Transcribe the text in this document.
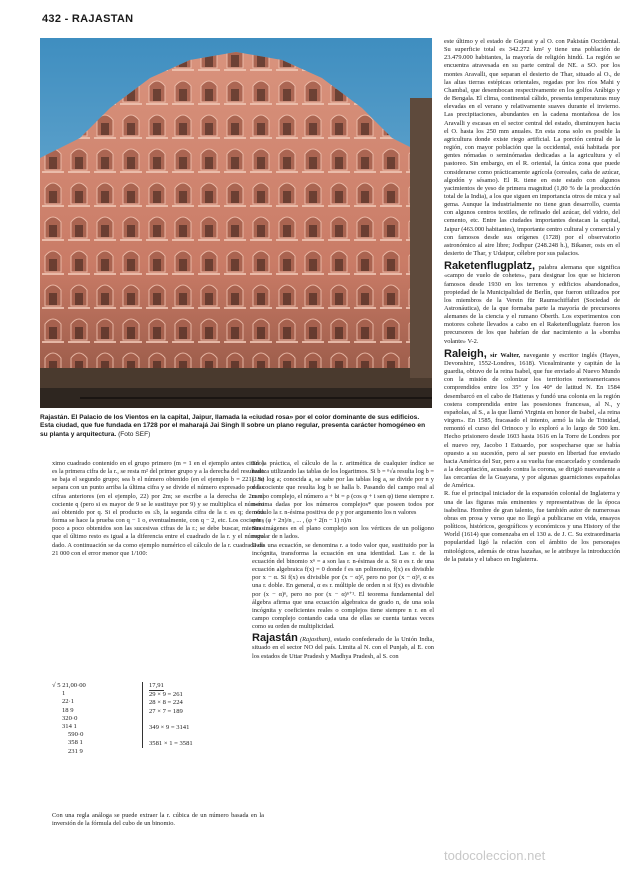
432 - RAJASTAN
Rajastán. El Palacio de los Vientos en la capital, Jaipur, llamada la «ciudad rosa» por el color dominante de sus edificios. Esta ciudad, que fue fundada en 1728 por el maharajá Jai Singh II sobre un plano regular, presenta carácter homogéneo en su planta y arquitectura. (Foto SEF)

ximo cuadrado contenido en el grupo primero (m = 1 en el ejemplo antes citado) es la primera cifra de la r., se resta m² del primer grupo y a la derecha del resultado se baja el segundo grupo; sea b el número obtenido (en el ejemplo b = 221). Se separa con un punto arriba la última cifra y se divide el número expresado por las cifras anteriores (en el ejemplo, 22) por 2m; se escribe a la derecha de 2m el cociente q (pero si es mayor de 9 se le sustituye por 9) y se multiplica el número así obtenido por q. Si el producto es ≤b, la segunda cifra de la r. es q; de otra forma se hace la prueba con q − 1 o, eventualmente, con q − 2, etc. Los cocientes poco a poco obtenidos son las sucesivas cifras de la r.; se debe buscar, mientras que el último resto es igual a la diferencia entre el cuadrado de la r. y el número dado. A continuación se da como ejemplo numérico el cálculo de la r. cuadrada de 21 000 con el error menor que 1/100:

√ 5 21,00·00
1
22·1
18 9
320·0
314 1
590·0
358 1
231 9
17,91
29 × 9 = 261
28 × 8 = 224
27 × 7 = 189
349 × 9 = 3141
3581 × 1 = 3581

Con una regla análoga se puede extraer la r. cúbica de un número basada en la inversión de la fórmula del cubo de un binomio.

En la práctica, el cálculo de la r. aritmética de cualquier índice se realiza utilizando las tablas de los logaritmos. Si b = ⁿ√a resulta log b = (1/n) log a; conocida a, se sabe por las tablas log a, se divide por n y del cociente que resulta log b se halla b. Pasando del campo real al campo complejo, el número a + bi = ρ (cos φ + i sen φ) tiene siempre r. n-ésima dadas por los números complejos* que poseen todos por módulo la r. n-ésima positiva de ρ y por argumento los n valores

φ/n , (φ + 2π)/n , ... , (φ + 2(n − 1) π)/n

Sus imágenes en el plano complejo son los vértices de un polígono regular de n lados.

Dada una ecuación, se denomina r. a todo valor que, sustituido por la incógnita, transforma la ecuación en una identidad. Las r. de la ecuación del binomio xⁿ = a son las r. n-ésimas de a. Si α es r. de una ecuación algebraica f(x) = 0 donde f es un polinomio, f(x) es divisible por x − α. Si f(x) es divisible por (x − α)², pero no por (x − α)³, α es una r. doble. En general, α es r. múltiple de orden n si f(x) es divisible por (x − α)ⁿ, pero no por (x − α)ⁿ⁺¹. El teorema fundamental del álgebra afirma que una ecuación algebraica de grado n, de una sola incógnita y coeficientes reales o complejos tiene siempre n r. en el campo complejo contando cada una de ellas se cuenta tantas veces como su orden de multiplicidad.

Rajastán (Rajasthan), estado confederado de la Unión India, situado en el sector NO del país. Limita al N. con el Punjab, al E. con los estados de Uttar Pradesh y Madhya Pradesh, al S. con

este último y el estado de Gujarat y al O. con Pakistán Occidental. Su superficie total es 342.272 km² y tiene una población de 23.479.000 habitantes, la mayoría de religión hindú. La región se encuentra atravesada en su parte central de NE. a SO. por los montes Aravalli, que separan el desierto de Thar, situado al O., de las altas tierras estépicas orientales, regadas por los ríos Mahi y Chambal, que desembocan respectivamente en los golfos Arábigo y de Bengala. El clima, continental cálido, presenta temperaturas muy elevadas en el verano y relativamente suaves durante el invierno. Las precipitaciones, abundantes en la cadena montañosa de los Aravalli y escasas en el sector central del estado, disminuyen hacia el O. hasta los 250 mm anuales. En esta zona solo es posible la agricultura donde existe riego artificial. La porción central de la región, con mayor población que la occidental, está habitada por gentes nómadas o seminómadas dedicadas a la agricultura y el pastoreo. Sin embargo, en el R. oriental, la única zona que puede considerarse como prácticamente agrícola (cereales, caña de azúcar, algodón y sésamo). El R. tiene en este estado con algunos yacimientos de yeso de primera magnitud (1,80 % de la producción total de la India), a los que siguen en importancia otros de mica y sal gema. Aunque la industrialmente no tiene gran desarrollo, cuenta con algunos centros textiles, de refinado del azúcar, del vidrio, del cemento, etc. Entre las ciudades importantes destacan la capital, Jaipur (463.000 habitantes), importante centro cultural y comercial y con famosos desde sus orígenes (1728) por el observatorio astronómico al aire libre; Jodhpur (248.248 h.), Bikaner, osis en el desierto de Thar, y Udaipur, célebre por sus palacios.

Raketenflugplatz, palabra alemana que significa «campo de vuelo de cohetes», para designar los que se hicieron famosos desde 1930 en los terrenos y edificios abandonados, propiedad de la Municipalidad de Berlín, que fueron utilizados por los miembros de la Verein für Raumschiffahrt (Sociedad de Astronáutica), de la que formaba parte la mayoría de precursores alemanes de la ciencia y el rumano Oberth. Los experimentos con motores cohete llevados a cabo en el Raketenflugplatz fueron los precursores de los que habrían de dar nacimiento a la «bomba volante» V-2.

Raleigh, sir Walter, navegante y escritor inglés (Hayes, Devonshire, 1552-Londres, 1618). Vicealmirante y capitán de la guardia, obtuvo de la reina Isabel, que fue enviado al Nuevo Mundo con la misión de colonizar los territorios norteamericanos comprendidos entre los 35° y los 40° de latitud N. En 1584 desembarcó en el cabo de Hatteras y fundó una colonia en la región costera comprendida entre las posesiones francesas, al N., y españolas, al S., a la que llamó Virginia en honor de Isabel, «la reina virgen». En 1585, fracasado el intento, armó la isla de Trinidad, remontó el curso del Orinoco y lo exploró a lo largo de 500 km. Hecho prisionero desde 1603 hasta 1616 en la Torre de Londres por el nuevo rey, Jacobo I Estuardo, por sospecharse que se había opuesto a su sucesión, pero al ser puesto en libertad fue enviado hacia América del Sur, pero a su vuelta fue encarcelado y condenado a la decapitación, acusado contra la corona, se dirigió nuevamente a las cercanías de la Guayana, y por algunas guarniciones españolas de América.

R. fue el principal iniciador de la expansión colonial de Inglaterra y una de las figuras más eminentes y representativas de la época isabelina. Hombre de gran talento, fue también autor de numerosas obras en prosa y verso que no llegó a publicarse en vida, ensayos políticos, históricos, geográficos y económicos y una History of the World (1614) que comenzaba en el 130 a. de J. C. Su extraordinaria popularidad ligó la relación con el ámbito de los personajes mitológicos, además de otras hazañas, se le atribuye la introducción de la patata y el tabaco en Inglaterra.

todocoleccion.net
